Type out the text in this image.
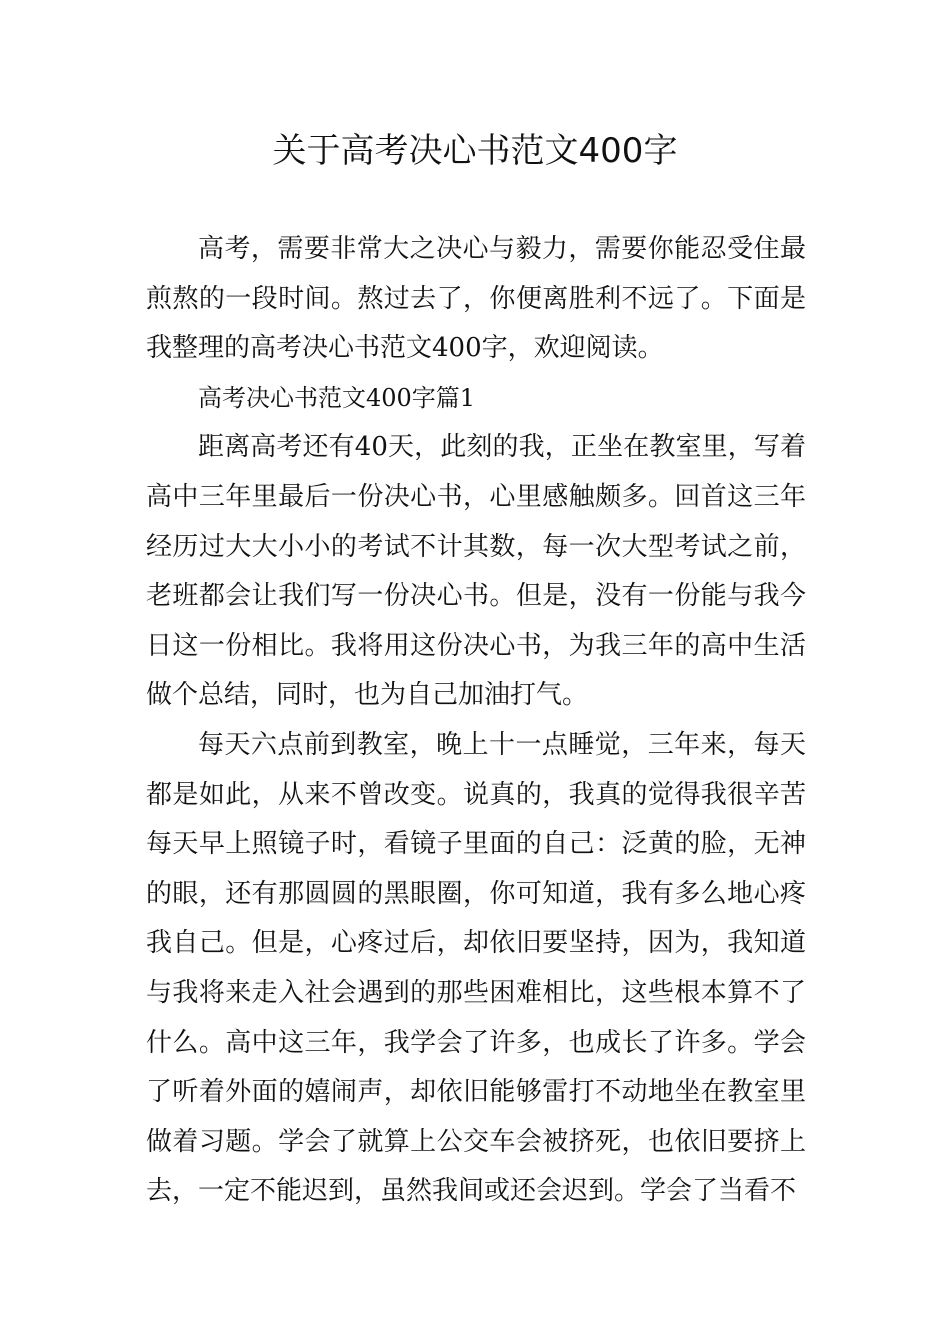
关于高考决心书范文400字

高考，需要非常大之决心与毅力，需要你能忍受住最煎熬的一段时间。熬过去了，你便离胜利不远了。下面是我整理的高考决心书范文400字，欢迎阅读。

高考决心书范文400字篇1

距离高考还有40天，此刻的我，正坐在教室里，写着高中三年里最后一份决心书，心里感触颇多。回首这三年经历过大大小小的考试不计其数，每一次大型考试之前，老班都会让我们写一份决心书。但是，没有一份能与我今日这一份相比。我将用这份决心书，为我三年的高中生活做个总结，同时，也为自己加油打气。

每天六点前到教室，晚上十一点睡觉，三年来，每天都是如此，从来不曾改变。说真的，我真的觉得我很辛苦每天早上照镜子时，看镜子里面的自己：泛黄的脸，无神的眼，还有那圆圆的黑眼圈，你可知道，我有多么地心疼我自己。但是，心疼过后，却依旧要坚持，因为，我知道与我将来走入社会遇到的那些困难相比，这些根本算不了什么。高中这三年，我学会了许多，也成长了许多。学会了听着外面的嬉闹声，却依旧能够雷打不动地坐在教室里做着习题。学会了就算上公交车会被挤死，也依旧要挤上去，一定不能迟到，虽然我间或还会迟到。学会了当看不
